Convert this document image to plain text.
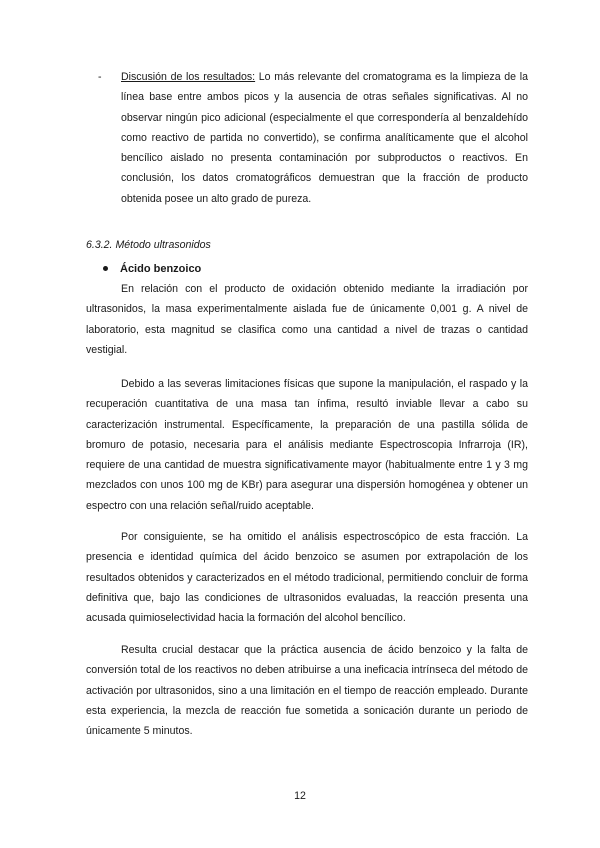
- Discusión de los resultados: Lo más relevante del cromatograma es la limpieza de la línea base entre ambos picos y la ausencia de otras señales significativas. Al no observar ningún pico adicional (especialmente el que correspondería al benzaldehído como reactivo de partida no convertido), se confirma analíticamente que el alcohol bencílico aislado no presenta contaminación por subproductos o reactivos. En conclusión, los datos cromatográficos demuestran que la fracción de producto obtenida posee un alto grado de pureza.

6.3.2. Método ultrasonidos

Ácido benzoico

En relación con el producto de oxidación obtenido mediante la irradiación por ultrasonidos, la masa experimentalmente aislada fue de únicamente 0,001 g. A nivel de laboratorio, esta magnitud se clasifica como una cantidad a nivel de trazas o cantidad vestigial.

Debido a las severas limitaciones físicas que supone la manipulación, el raspado y la recuperación cuantitativa de una masa tan ínfima, resultó inviable llevar a cabo su caracterización instrumental. Específicamente, la preparación de una pastilla sólida de bromuro de potasio, necesaria para el análisis mediante Espectroscopia Infrarroja (IR), requiere de una cantidad de muestra significativamente mayor (habitualmente entre 1 y 3 mg mezclados con unos 100 mg de KBr) para asegurar una dispersión homogénea y obtener un espectro con una relación señal/ruido aceptable.

Por consiguiente, se ha omitido el análisis espectroscópico de esta fracción. La presencia e identidad química del ácido benzoico se asumen por extrapolación de los resultados obtenidos y caracterizados en el método tradicional, permitiendo concluir de forma definitiva que, bajo las condiciones de ultrasonidos evaluadas, la reacción presenta una acusada quimioselectividad hacia la formación del alcohol bencílico.

Resulta crucial destacar que la práctica ausencia de ácido benzoico y la falta de conversión total de los reactivos no deben atribuirse a una ineficacia intrínseca del método de activación por ultrasonidos, sino a una limitación en el tiempo de reacción empleado. Durante esta experiencia, la mezcla de reacción fue sometida a sonicación durante un periodo de únicamente 5 minutos.

12
